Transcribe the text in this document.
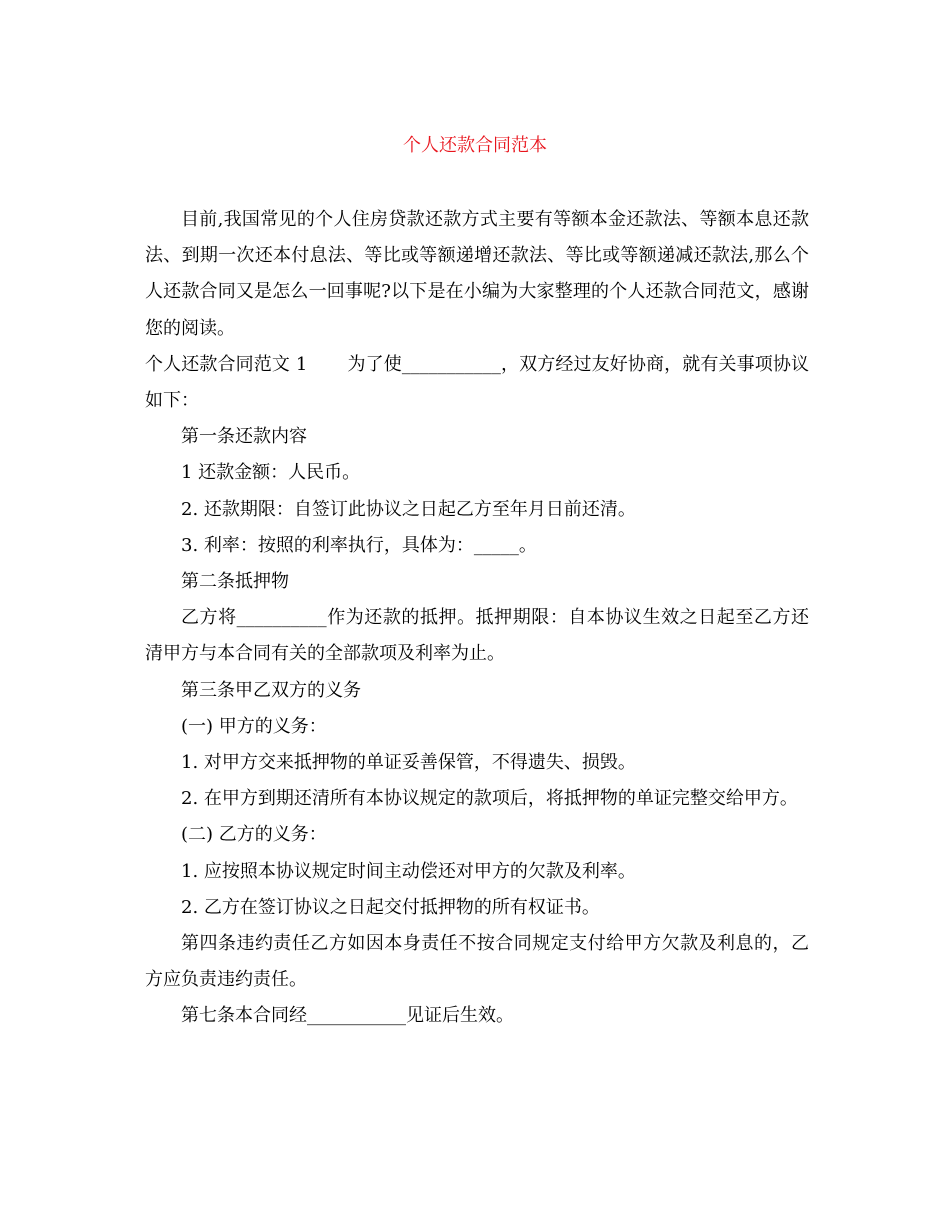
个人还款合同范本

目前,我国常见的个人住房贷款还款方式主要有等额本金还款法、等额本息还款法、到期一次还本付息法、等比或等额递增还款法、等比或等额递减还款法,那么个人还款合同又是怎么一回事呢?以下是在小编为大家整理的个人还款合同范文，感谢您的阅读。

个人还款合同范文 1 为了使___________，双方经过友好协商，就有关事项协议如下：

第一条还款内容

1 还款金额：人民币。

2. 还款期限：自签订此协议之日起乙方至年月日前还清。

3. 利率：按照的利率执行，具体为：_____。

第二条抵押物

乙方将__________作为还款的抵押。抵押期限：自本协议生效之日起至乙方还清甲方与本合同有关的全部款项及利率为止。

第三条甲乙双方的义务

(一) 甲方的义务：

1. 对甲方交来抵押物的单证妥善保管，不得遗失、损毁。

2. 在甲方到期还清所有本协议规定的款项后，将抵押物的单证完整交给甲方。

(二) 乙方的义务：

1. 应按照本协议规定时间主动偿还对甲方的欠款及利率。

2. 乙方在签订协议之日起交付抵押物的所有权证书。

第四条违约责任乙方如因本身责任不按合同规定支付给甲方欠款及利息的，乙方应负责违约责任。

第七条本合同经___________见证后生效。
